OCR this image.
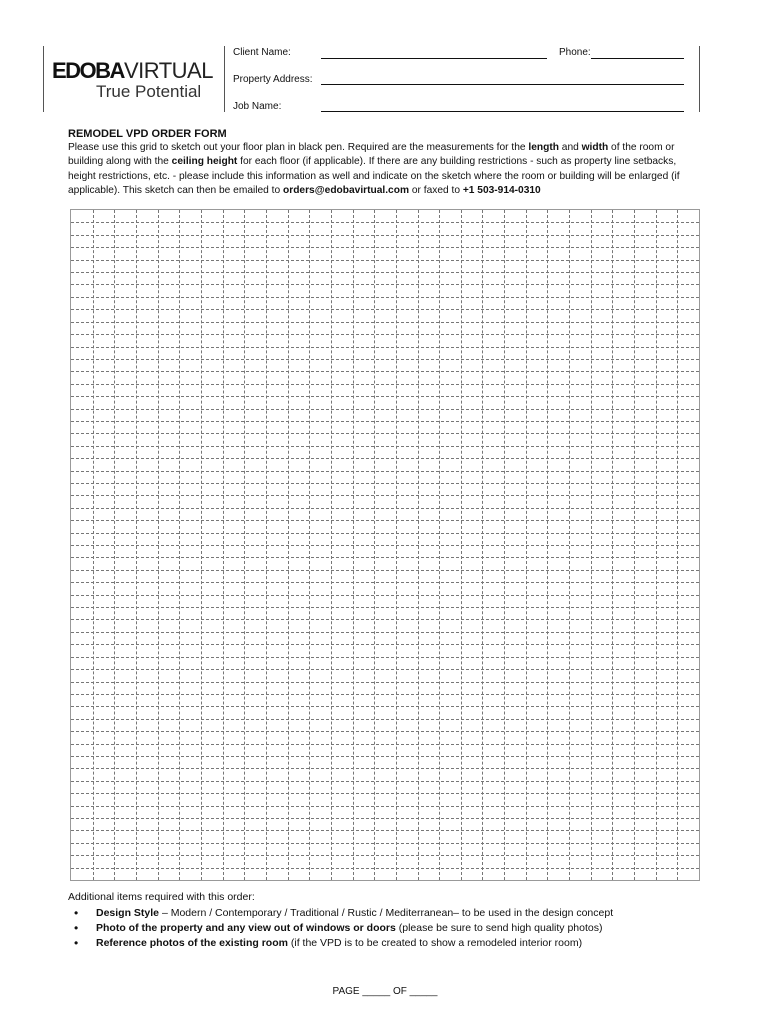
EDOBAVIRTUAL
True Potential
Client Name:	Phone:
Property Address:
Job Name:
REMODEL VPD ORDER FORM
Please use this grid to sketch out your floor plan in black pen. Required are the measurements for the length and width of the room or building along with the ceiling height for each floor (if applicable). If there are any building restrictions - such as property line setbacks, height restrictions, etc. - please include this information as well and indicate on the sketch where the room or building will be enlarged (if applicable). This sketch can then be emailed to orders@edobavirtual.com or faxed to +1 503-914-0310
Additional items required with this order:
• Design Style – Modern / Contemporary / Traditional / Rustic / Mediterranean– to be used in the design concept
• Photo of the property and any view out of windows or doors (please be sure to send high quality photos)
• Reference photos of the existing room (if the VPD is to be created to show a remodeled interior room)
PAGE _____ OF _____
